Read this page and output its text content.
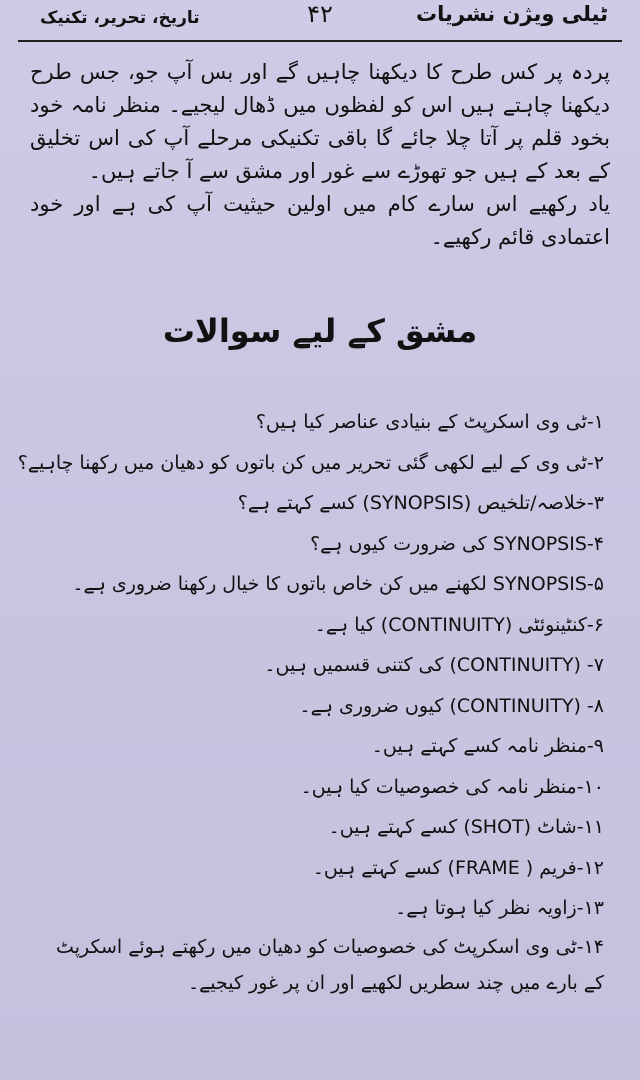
ٹیلی ویژن نشریات
۴۲
تاریخ، تحریر، تکنیک

پردہ پر کس طرح کا دیکھنا چاہیں گے اور بس آپ جو، جس طرح دیکھنا چاہتے ہیں اس کو لفظوں میں ڈھال لیجیے۔ منظر نامہ خود بخود قلم پر آتا چلا جائے گا باقی تکنیکی مرحلے آپ کی اس تخلیق کے بعد کے ہیں جو تھوڑے سے غور اور مشق سے آ جاتے ہیں۔

یاد رکھیے اس سارے کام میں اولین حیثیت آپ کی ہے اور خود اعتمادی قائم رکھیے۔

مشق کے لیے سوالات
۱-ٹی وی اسکرپٹ کے بنیادی عناصر کیا ہیں؟
۲-ٹی وی کے لیے لکھی گئی تحریر میں کن باتوں کو دھیان میں رکھنا چاہیے؟
۳-خلاصہ/تلخیص (SYNOPSIS) کسے کہتے ہے؟
۴-SYNOPSIS کی ضرورت کیوں ہے؟
۵-SYNOPSIS لکھنے میں کن خاص باتوں کا خیال رکھنا ضروری ہے۔
۶-کنٹینوئٹی (CONTINUITY) کیا ہے۔
۷- (CONTINUITY) کی کتنی قسمیں ہیں۔
۸- (CONTINUITY) کیوں ضروری ہے۔
۹-منظر نامہ کسے کہتے ہیں۔
۱۰-منظر نامہ کی خصوصیات کیا ہیں۔
۱۱-شاٹ (SHOT) کسے کہتے ہیں۔
۱۲-فریم ( FRAME) کسے کہتے ہیں۔
۱۳-زاویہ نظر کیا ہوتا ہے۔
۱۴-ٹی وی اسکرپٹ کی خصوصیات کو دھیان میں رکھتے ہوئے اسکرپٹ کے بارے میں چند سطریں لکھیے اور ان پر غور کیجیے۔
